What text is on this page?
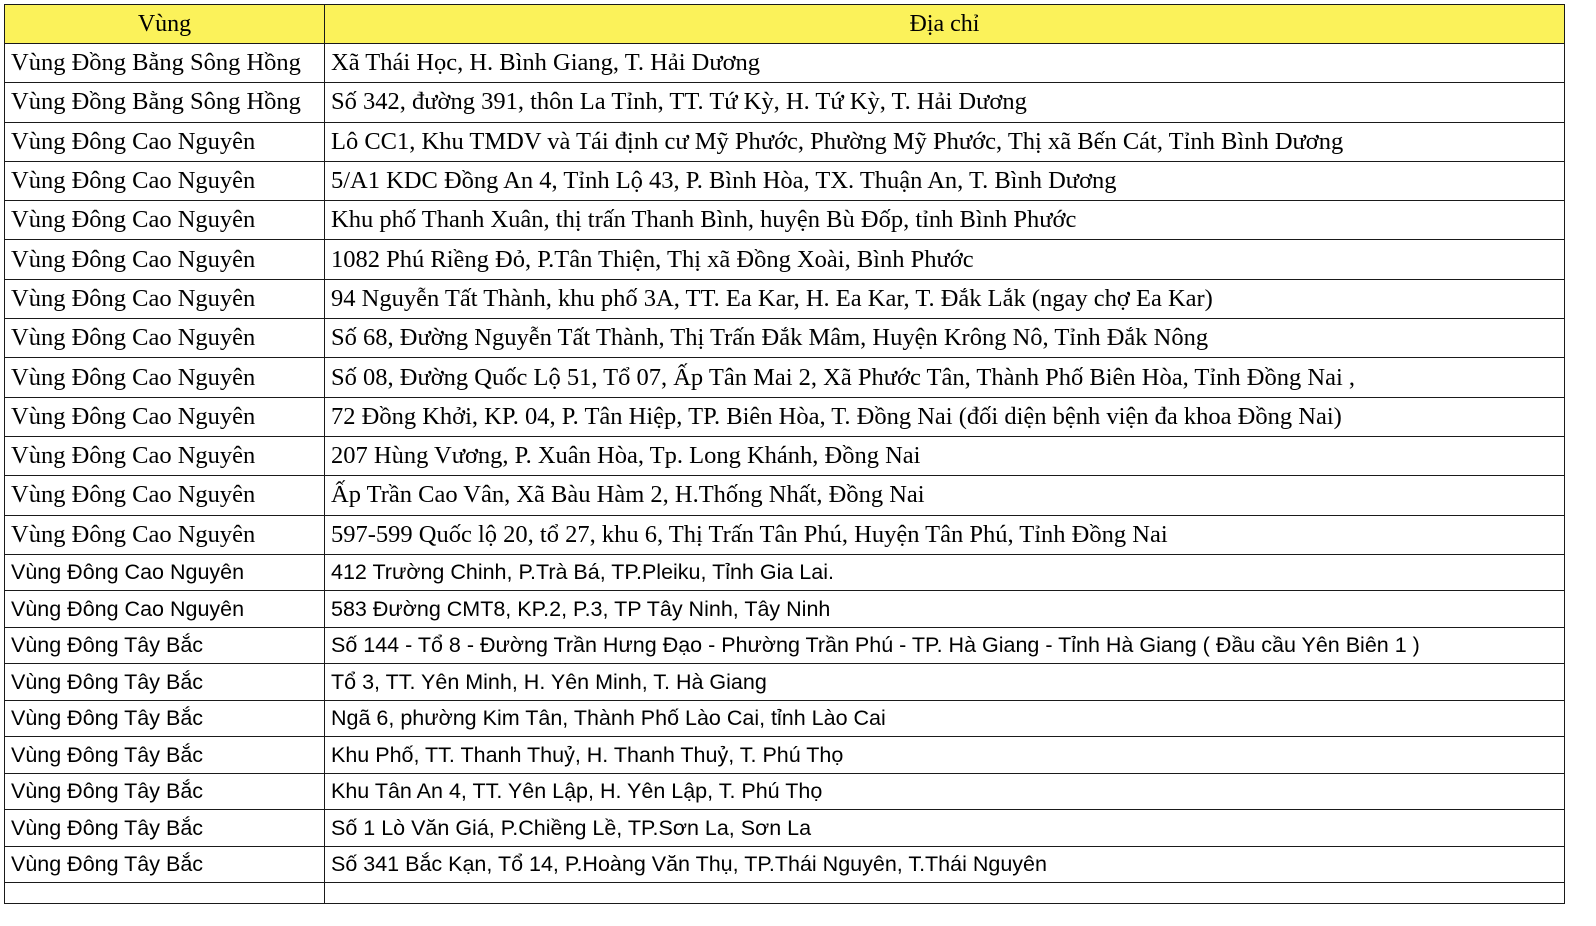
Vùng	Địa chỉ
Vùng Đồng Bằng Sông Hồng	Xã Thái Học, H. Bình Giang, T. Hải Dương
Vùng Đồng Bằng Sông Hồng	Số 342, đường 391, thôn La Tỉnh, TT. Tứ Kỳ, H. Tứ Kỳ, T. Hải Dương
Vùng Đông Cao Nguyên	Lô CC1, Khu TMDV và Tái định cư Mỹ Phước, Phường Mỹ Phước, Thị xã Bến Cát, Tỉnh Bình Dương
Vùng Đông Cao Nguyên	5/A1 KDC Đồng An 4, Tỉnh Lộ 43, P. Bình Hòa, TX. Thuận An, T. Bình Dương
Vùng Đông Cao Nguyên	Khu phố Thanh Xuân, thị trấn Thanh Bình, huyện Bù Đốp, tỉnh Bình Phước
Vùng Đông Cao Nguyên	1082 Phú Riềng Đỏ, P.Tân Thiện, Thị xã Đồng Xoài, Bình Phước
Vùng Đông Cao Nguyên	94 Nguyễn Tất Thành, khu phố 3A, TT. Ea Kar, H. Ea Kar, T. Đắk Lắk (ngay chợ Ea Kar)
Vùng Đông Cao Nguyên	Số 68, Đường Nguyễn Tất Thành, Thị Trấn Đắk Mâm, Huyện Krông Nô, Tỉnh Đắk Nông
Vùng Đông Cao Nguyên	Số 08, Đường Quốc Lộ 51, Tổ 07, Ấp Tân Mai 2, Xã Phước Tân, Thành Phố Biên Hòa, Tỉnh Đồng Nai ,
Vùng Đông Cao Nguyên	72 Đồng Khởi, KP. 04, P. Tân Hiệp, TP. Biên Hòa, T. Đồng Nai (đối diện bệnh viện đa khoa Đồng Nai)
Vùng Đông Cao Nguyên	207 Hùng Vương, P. Xuân Hòa, Tp. Long Khánh, Đồng Nai
Vùng Đông Cao Nguyên	Ấp Trần Cao Vân, Xã Bàu Hàm 2, H.Thống Nhất, Đồng Nai
Vùng Đông Cao Nguyên	597-599 Quốc lộ 20, tổ 27, khu 6, Thị Trấn Tân Phú, Huyện Tân Phú, Tỉnh Đồng Nai
Vùng Đông Cao Nguyên	412 Trường Chinh, P.Trà Bá, TP.Pleiku, Tỉnh Gia Lai.
Vùng Đông Cao Nguyên	583 Đường CMT8, KP.2, P.3, TP Tây Ninh, Tây Ninh
Vùng Đông Tây Bắc	Số 144 - Tổ 8 - Đường Trần Hưng Đạo - Phường Trần Phú - TP. Hà Giang - Tỉnh Hà Giang ( Đầu cầu Yên Biên 1 )
Vùng Đông Tây Bắc	Tổ 3, TT. Yên Minh, H. Yên Minh, T. Hà Giang
Vùng Đông Tây Bắc	Ngã 6, phường Kim Tân, Thành Phố Lào Cai, tỉnh Lào Cai
Vùng Đông Tây Bắc	Khu Phố, TT. Thanh Thuỷ, H. Thanh Thuỷ, T. Phú Thọ
Vùng Đông Tây Bắc	Khu Tân An 4, TT. Yên Lập, H. Yên Lập, T. Phú Thọ
Vùng Đông Tây Bắc	Số 1 Lò Văn Giá, P.Chiềng Lề, TP.Sơn La, Sơn La
Vùng Đông Tây Bắc	Số 341 Bắc Kạn, Tổ 14, P.Hoàng Văn Thụ, TP.Thái Nguyên, T.Thái Nguyên
